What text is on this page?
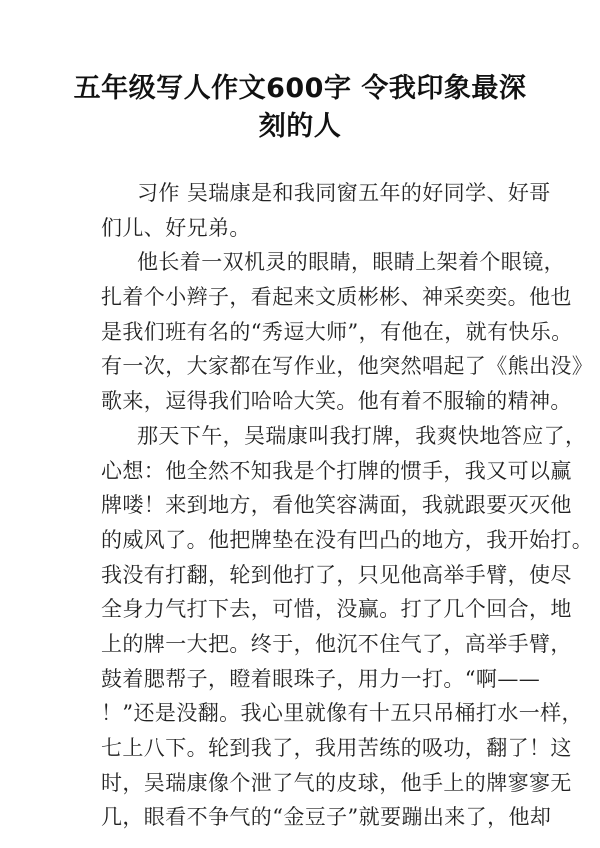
五年级写人作文600字 令我印象最深
刻的人
习作 吴瑞康是和我同窗五年的好同学、好哥
们儿、好兄弟。
他长着一双机灵的眼睛，眼睛上架着个眼镜，
扎着个小辫子，看起来文质彬彬、神采奕奕。他也
是我们班有名的“秀逗大师”，有他在，就有快乐。
有一次，大家都在写作业，他突然唱起了《熊出没》
歌来，逗得我们哈哈大笑。他有着不服输的精神。
那天下午，吴瑞康叫我打牌，我爽快地答应了，
心想：他全然不知我是个打牌的惯手，我又可以赢
牌喽！来到地方，看他笑容满面，我就跟要灭灭他
的威风了。他把牌垫在没有凹凸的地方，我开始打。
我没有打翻，轮到他打了，只见他高举手臂，使尽
全身力气打下去，可惜，没赢。打了几个回合，地
上的牌一大把。终于，他沉不住气了，高举手臂，
鼓着腮帮子，瞪着眼珠子，用力一打。“啊——
！”还是没翻。我心里就像有十五只吊桶打水一样，
七上八下。轮到我了，我用苦练的吸功，翻了！这
时，吴瑞康像个泄了气的皮球，他手上的牌寥寥无
几，眼看不争气的“金豆子”就要蹦出来了，他却
